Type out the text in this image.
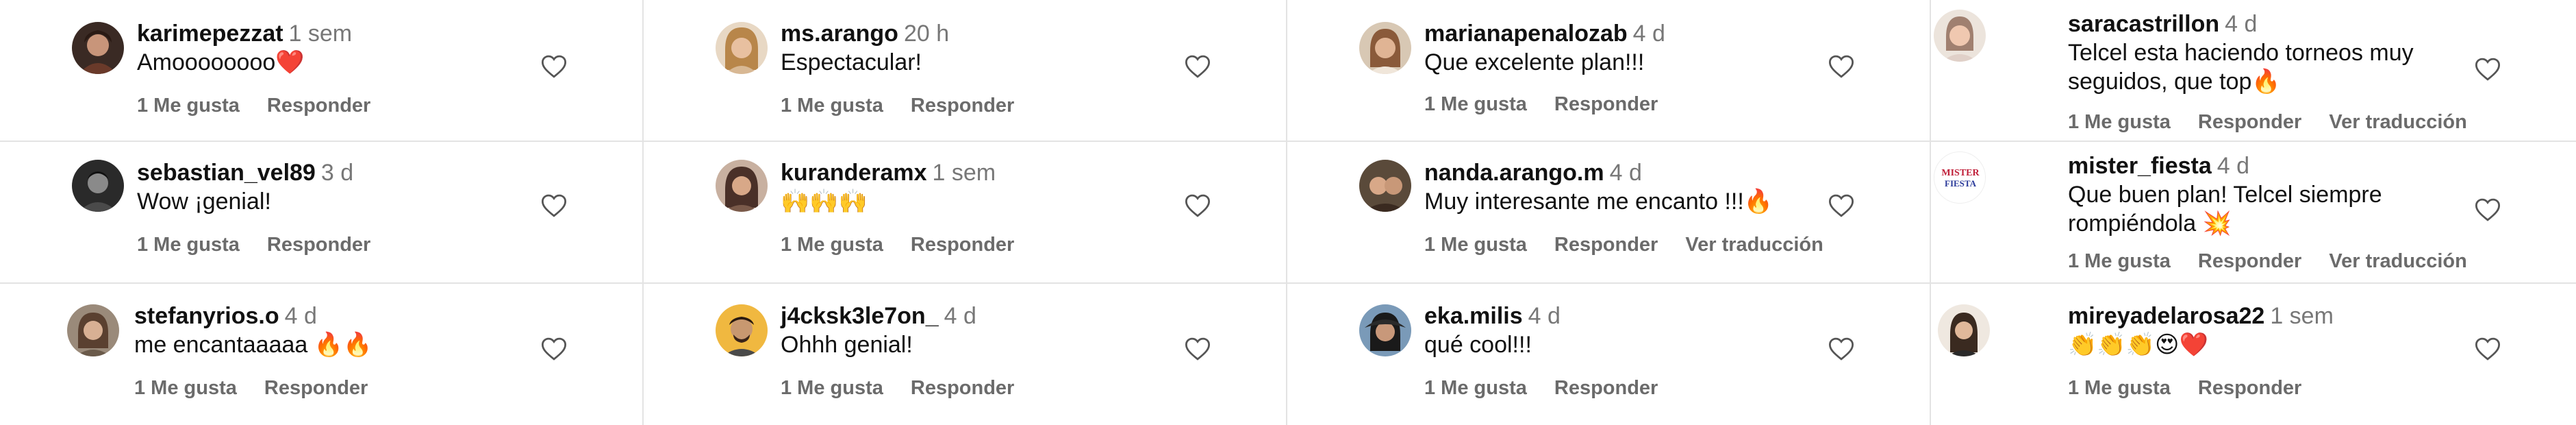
karimepezzat 1 sem
Amoooooooo❤️
1 Me gusta Responder
ms.arango 20 h
Espectacular!
1 Me gusta Responder
marianapenalozab 4 d
Que excelente plan!!!
1 Me gusta Responder
saracastrillon 4 d
Telcel esta haciendo torneos muy seguidos, que top🔥
1 Me gusta Responder Ver traducción
sebastian_vel89 3 d
Wow ¡genial!
1 Me gusta Responder
kuranderamx 1 sem
🙌🙌🙌
1 Me gusta Responder
nanda.arango.m 4 d
Muy interesante me encanto !!!🔥
1 Me gusta Responder Ver traducción
MISTER
FIESTA
mister_fiesta 4 d
Que buen plan! Telcel siempre rompiéndola 💥
1 Me gusta Responder Ver traducción
stefanyrios.o 4 d
me encantaaaaa 🔥🔥
1 Me gusta Responder
j4cksk3le7on_ 4 d
Ohhh genial!
1 Me gusta Responder
eka.milis 4 d
qué cool!!!
1 Me gusta Responder
mireyadelarosa22 1 sem
👏👏👏😍❤️
1 Me gusta Responder
